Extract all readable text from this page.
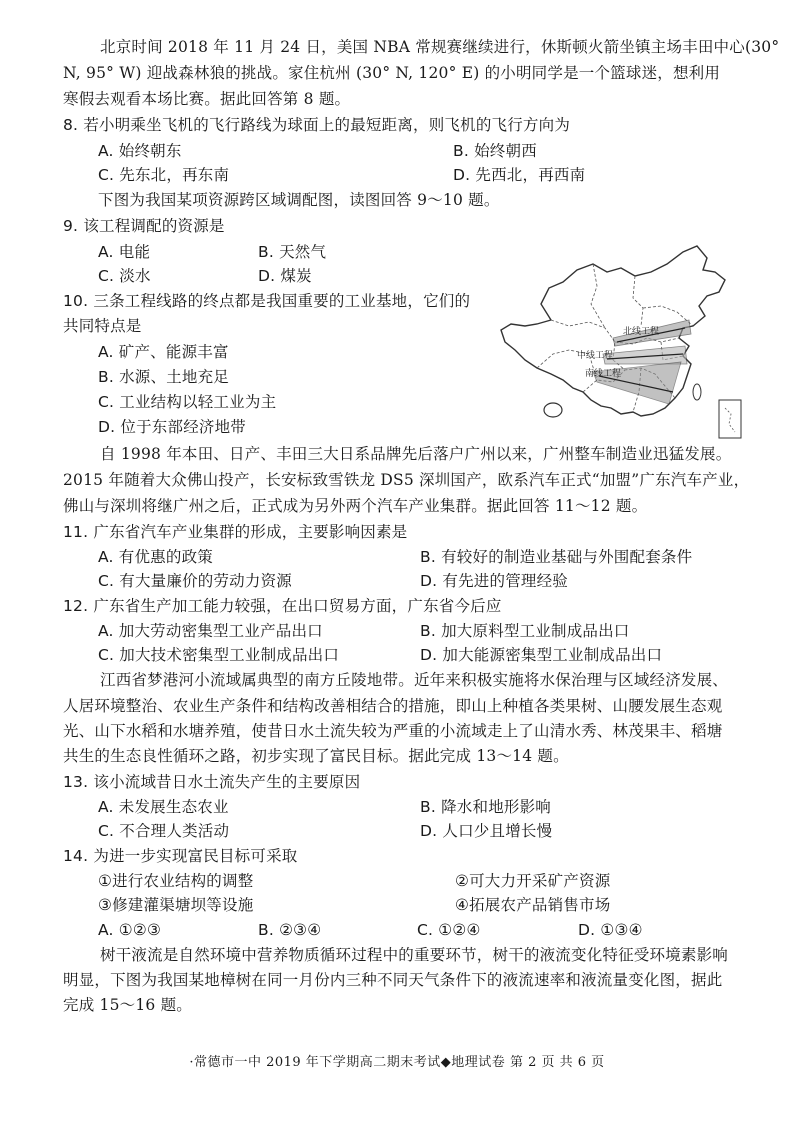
北京时间 2018 年 11 月 24 日，美国 NBA 常规赛继续进行，休斯顿火箭坐镇主场丰田中心(30°
N, 95° W) 迎战森林狼的挑战。家住杭州 (30° N, 120° E) 的小明同学是一个篮球迷，想利用
寒假去观看本场比赛。据此回答第 8 题。
8. 若小明乘坐飞机的飞行路线为球面上的最短距离，则飞机的飞行方向为
A. 始终朝东	B. 始终朝西
C. 先东北，再东南	D. 先西北，再西南
下图为我国某项资源跨区域调配图，读图回答 9～10 题。
9. 该工程调配的资源是
A. 电能	B. 天然气
C. 淡水	D. 煤炭
10. 三条工程线路的终点都是我国重要的工业基地，它们的
共同特点是
A. 矿产、能源丰富
B. 水源、土地充足
C. 工业结构以轻工业为主
D. 位于东部经济地带
北线工程
中线工程
南线工程
自 1998 年本田、日产、丰田三大日系品牌先后落户广州以来，广州整车制造业迅猛发展。
2015 年随着大众佛山投产，长安标致雪铁龙 DS5 深圳国产，欧系汽车正式“加盟”广东汽车产业，
佛山与深圳将继广州之后，正式成为另外两个汽车产业集群。据此回答 11～12 题。
11. 广东省汽车产业集群的形成，主要影响因素是
A. 有优惠的政策	B. 有较好的制造业基础与外围配套条件
C. 有大量廉价的劳动力资源	D. 有先进的管理经验
12. 广东省生产加工能力较强，在出口贸易方面，广东省今后应
A. 加大劳动密集型工业产品出口	B. 加大原料型工业制成品出口
C. 加大技术密集型工业制成品出口	D. 加大能源密集型工业制成品出口
江西省梦港河小流域属典型的南方丘陵地带。近年来积极实施将水保治理与区域经济发展、
人居环境整治、农业生产条件和结构改善相结合的措施，即山上种植各类果树、山腰发展生态观
光、山下水稻和水塘养殖，使昔日水土流失较为严重的小流域走上了山清水秀、林茂果丰、稻塘
共生的生态良性循环之路，初步实现了富民目标。据此完成 13～14 题。
13. 该小流域昔日水土流失产生的主要原因
A. 未发展生态农业	B. 降水和地形影响
C. 不合理人类活动	D. 人口少且增长慢
14. 为进一步实现富民目标可采取
①进行农业结构的调整	②可大力开采矿产资源
③修建灌渠塘坝等设施	④拓展农产品销售市场
A. ①②③	B. ②③④	C. ①②④	D. ①③④
树干液流是自然环境中营养物质循环过程中的重要环节，树干的液流变化特征受环境素影响
明显，下图为我国某地樟树在同一月份内三种不同天气条件下的液流速率和液流量变化图，据此
完成 15～16 题。
·常德市一中 2019 年下学期高二期末考试◆地理试卷 第 2 页 共 6 页
